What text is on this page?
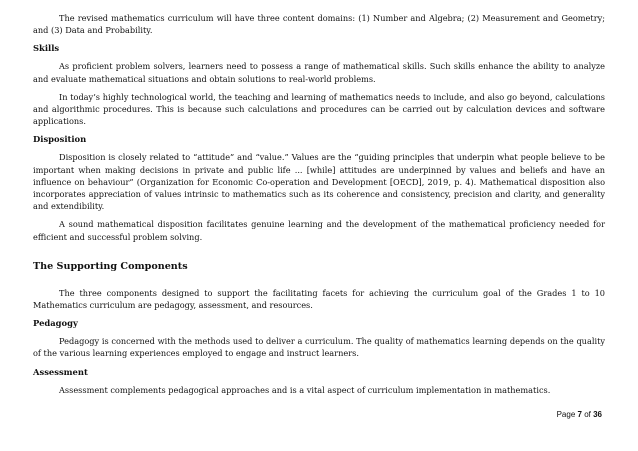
The revised mathematics curriculum will have three content domains: (1) Number and Algebra; (2) Measurement and Geometry; and (3) Data and Probability.

Skills

As proficient problem solvers, learners need to possess a range of mathematical skills. Such skills enhance the ability to analyze and evaluate mathematical situations and obtain solutions to real-world problems.

In today’s highly technological world, the teaching and learning of mathematics needs to include, and also go beyond, calculations and algorithmic procedures. This is because such calculations and procedures can be carried out by calculation devices and software applications.

Disposition

Disposition is closely related to “attitude” and “value.” Values are the “guiding principles that underpin what people believe to be important when making decisions in private and public life ... [while] attitudes are underpinned by values and beliefs and have an influence on behaviour” (Organization for Economic Co-operation and Development [OECD], 2019, p. 4). Mathematical disposition also incorporates appreciation of values intrinsic to mathematics such as its coherence and consistency, precision and clarity, and generality and extendibility.

A sound mathematical disposition facilitates genuine learning and the development of the mathematical proficiency needed for efficient and successful problem solving.

The Supporting Components

The three components designed to support the facilitating facets for achieving the curriculum goal of the Grades 1 to 10 Mathematics curriculum are pedagogy, assessment, and resources.

Pedagogy

Pedagogy is concerned with the methods used to deliver a curriculum. The quality of mathematics learning depends on the quality of the various learning experiences employed to engage and instruct learners.

Assessment

Assessment complements pedagogical approaches and is a vital aspect of curriculum implementation in mathematics.

Page 7 of 36
